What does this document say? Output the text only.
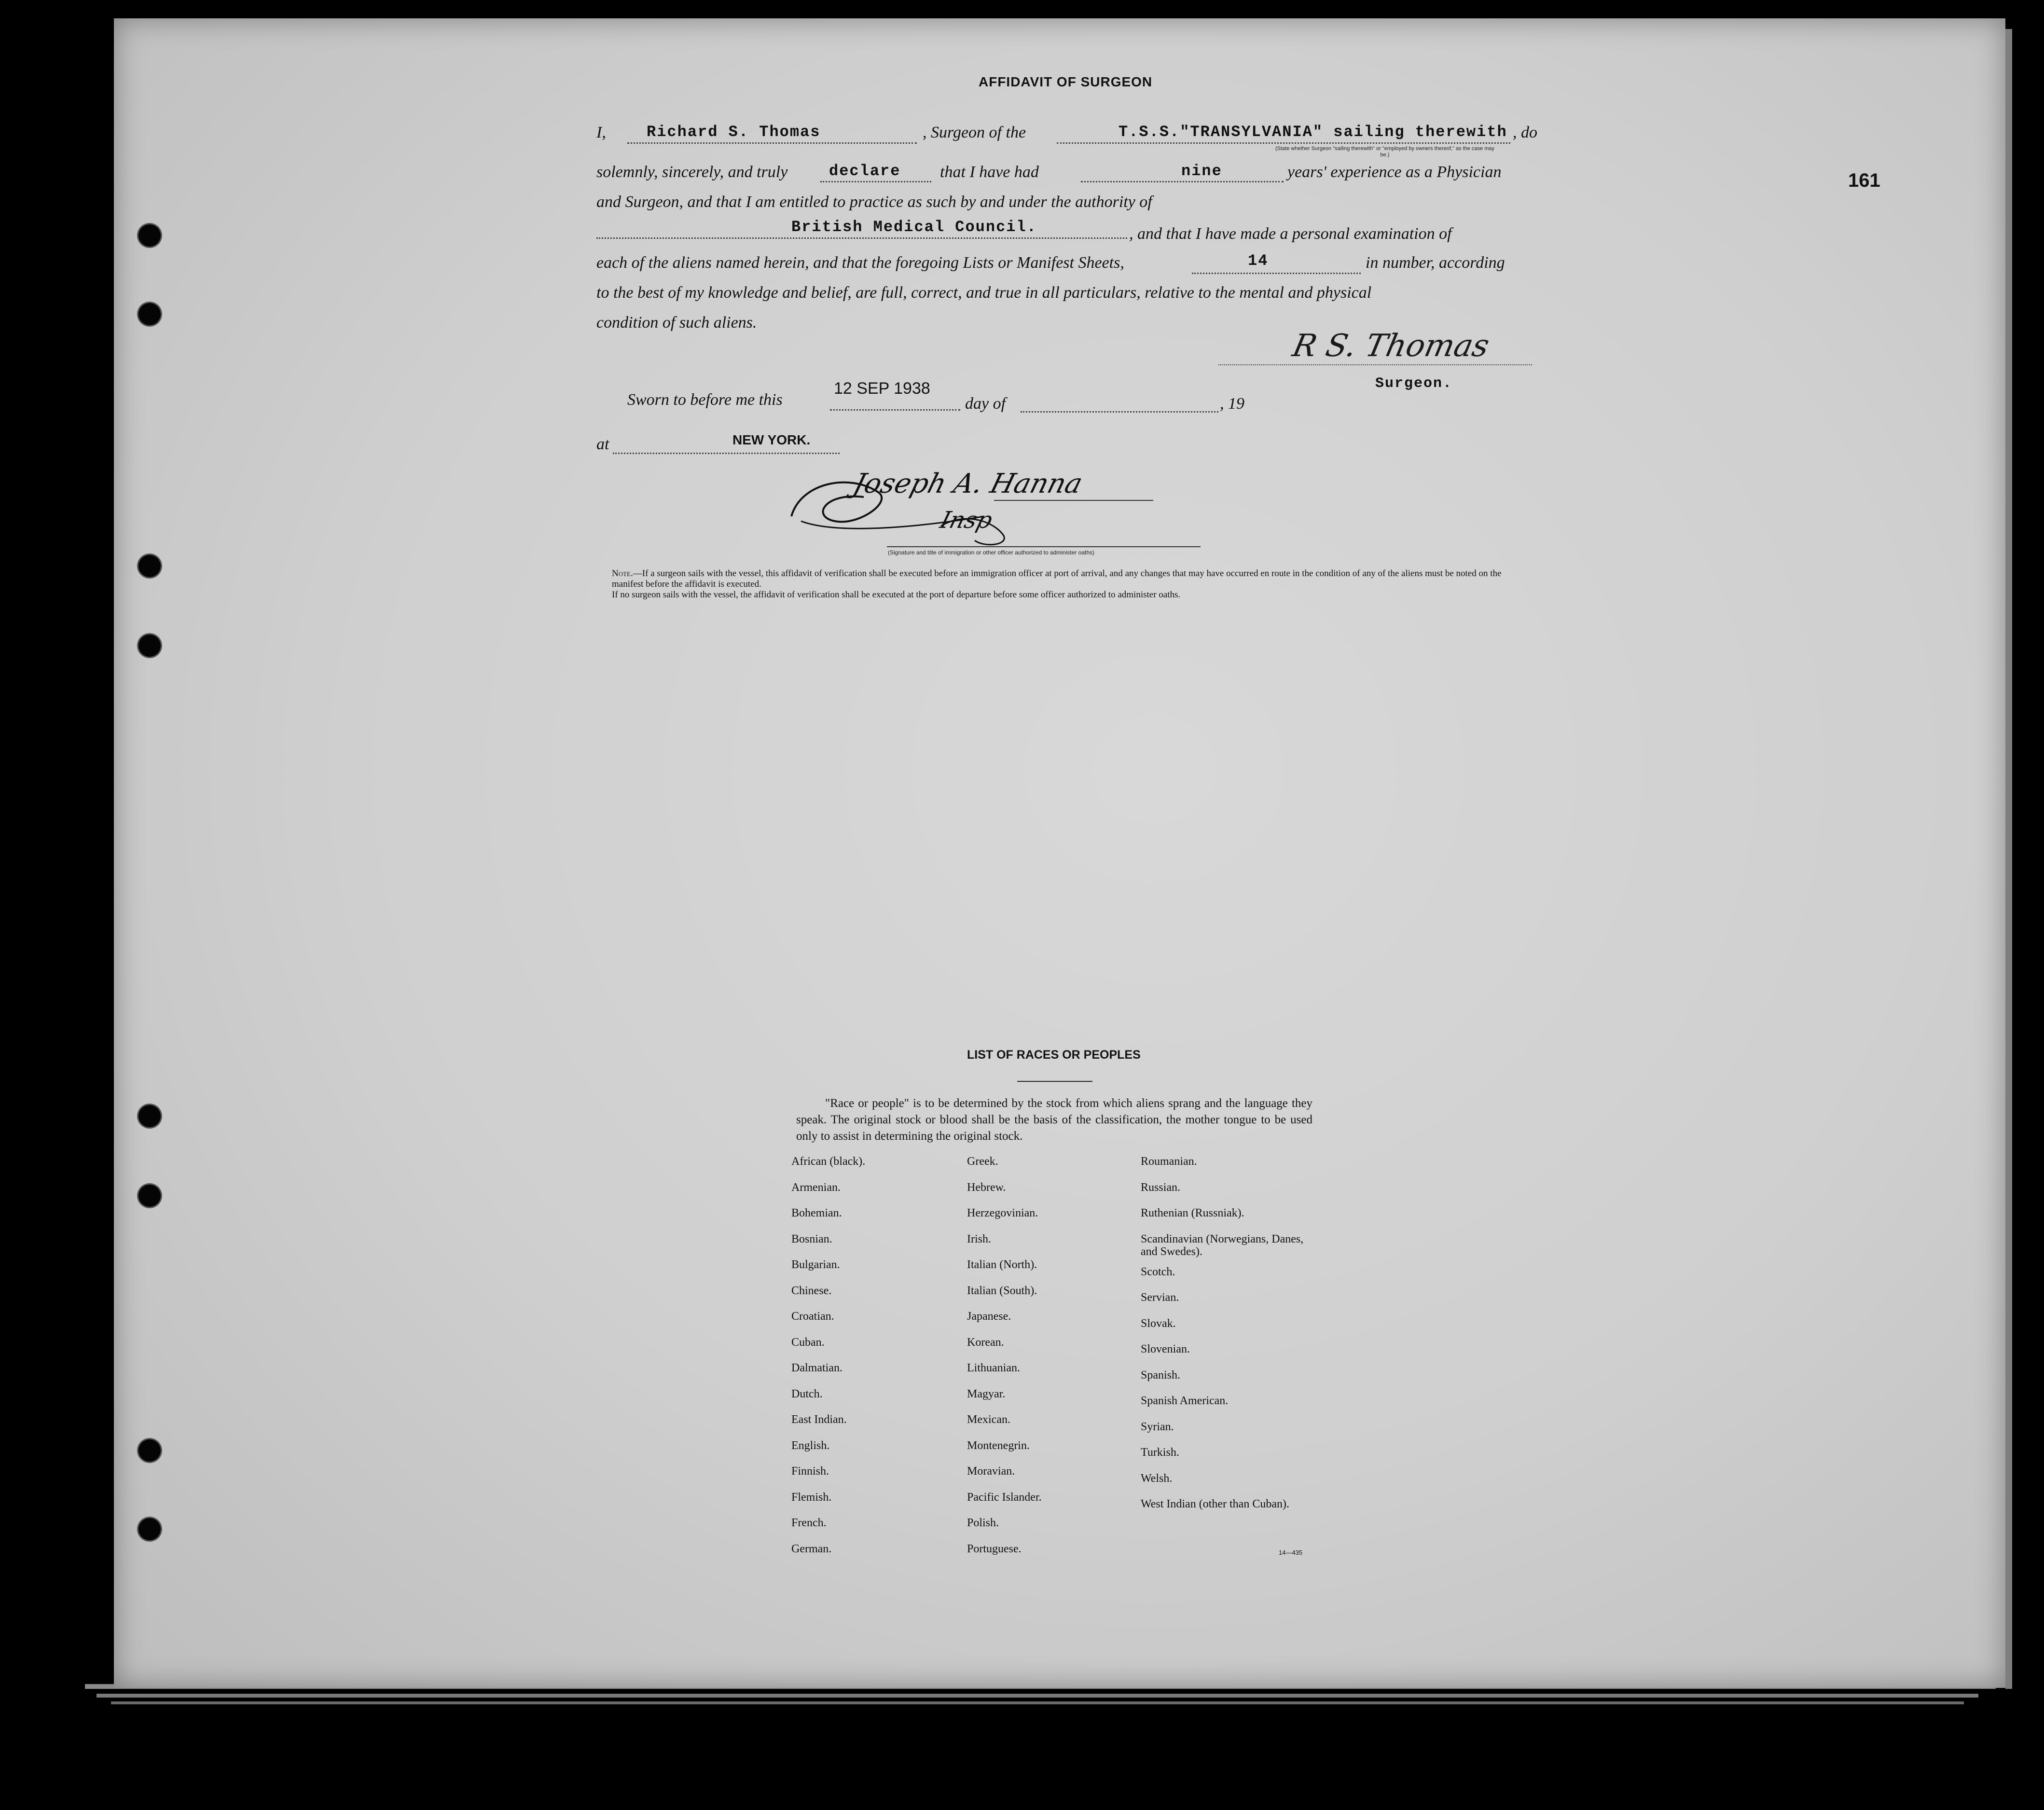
161
AFFIDAVIT OF SURGEON
I,	Richard S. Thomas	, Surgeon of the	T.S.S."TRANSYLVANIA" sailing therewith , do
(State whether Surgeon "sailing therewith" or "employed by owners thereof," as the case may be.)
solemnly, sincerely, and truly	declare that I have had	nine	years' experience as a Physician
and Surgeon, and that I am entitled to practice as such by and under the authority of
British Medical Council.	, and that I have made a personal examination of
each of the aliens named herein, and that the foregoing Lists or Manifest Sheets,	14	in number, according
to the best of my knowledge and belief, are full, correct, and true in all particulars, relative to the mental and physical
condition of such aliens.
R S. Thomas
Surgeon.
Sworn to before me this
12 SEP 1938
day of	, 19
at	NEW YORK.
Joseph A. Hanna
Insp
(Signature and title of immigration or other officer authorized to administer oaths)
Note.—If a surgeon sails with the vessel, this affidavit of verification shall be executed before an immigration officer at port of arrival, and any changes that may have occurred en route in the condition of any of the aliens must be noted on the manifest before the affidavit is executed.
If no surgeon sails with the vessel, the affidavit of verification shall be executed at the port of departure before some officer authorized to administer oaths.
LIST OF RACES OR PEOPLES
"Race or people" is to be determined by the stock from which aliens sprang and the language they speak. The original stock or blood shall be the basis of the classification, the mother tongue to be used only to assist in determining the original stock.
African (black).
Armenian.
Bohemian.
Bosnian.
Bulgarian.
Chinese.
Croatian.
Cuban.
Dalmatian.
Dutch.
East Indian.
English.
Finnish.
Flemish.
French.
German.
Greek.
Hebrew.
Herzegovinian.
Irish.
Italian (North).
Italian (South).
Japanese.
Korean.
Lithuanian.
Magyar.
Mexican.
Montenegrin.
Moravian.
Pacific Islander.
Polish.
Portuguese.
Roumanian.
Russian.
Ruthenian (Russniak).
Scandinavian (Norwegians, Danes, and Swedes).
Scotch.
Servian.
Slovak.
Slovenian.
Spanish.
Spanish American.
Syrian.
Turkish.
Welsh.
West Indian (other than Cuban).
14—435
